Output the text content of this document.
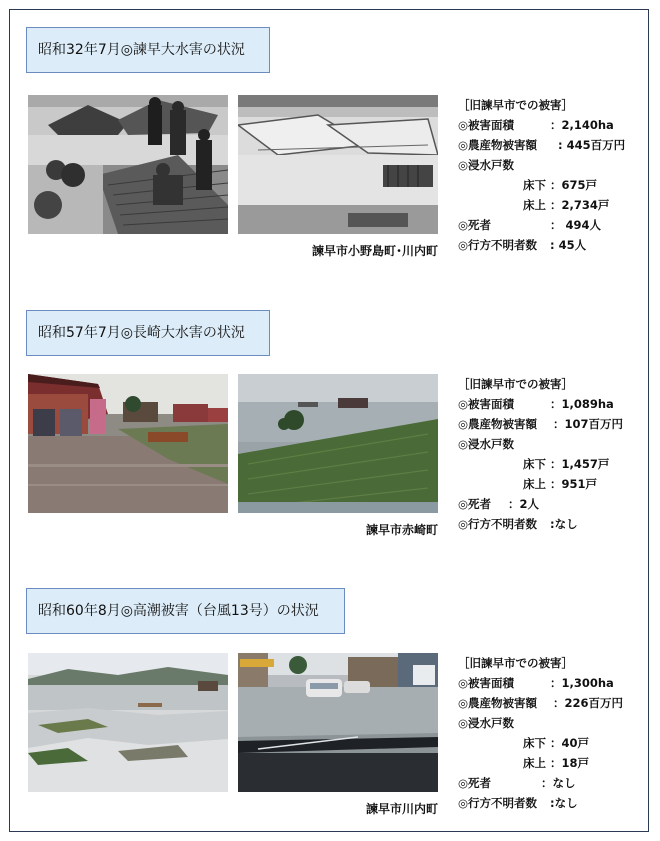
昭和32年7月◎諫早大水害の状況
諫早市小野島町･川内町
［旧諫早市での被害］
◎被害面積	：2,140ha
◎農産物被害額 : 445百万円
◎浸水戸数
床下 ：675戸
床上 ：2,734戸
◎死者	： 494人
◎行方不明者数 : 45人
昭和57年7月◎長崎大水害の状況
諫早市赤崎町
［旧諫早市での被害］
◎被害面積	：1,089ha
◎農産物被害額 ：107百万円
◎浸水戸数
床下 ：1,457戸
床上 ：951戸
◎死者 ：2人
◎行方不明者数 :なし
昭和60年8月◎高潮被害（台風13号）の状況
諫早市川内町
［旧諫早市での被害］
◎被害面積	：1,300ha
◎農産物被害額 ：226百万円
◎浸水戸数
床下 ：40戸
床上 ：18戸
◎死者	：なし
◎行方不明者数 :なし
